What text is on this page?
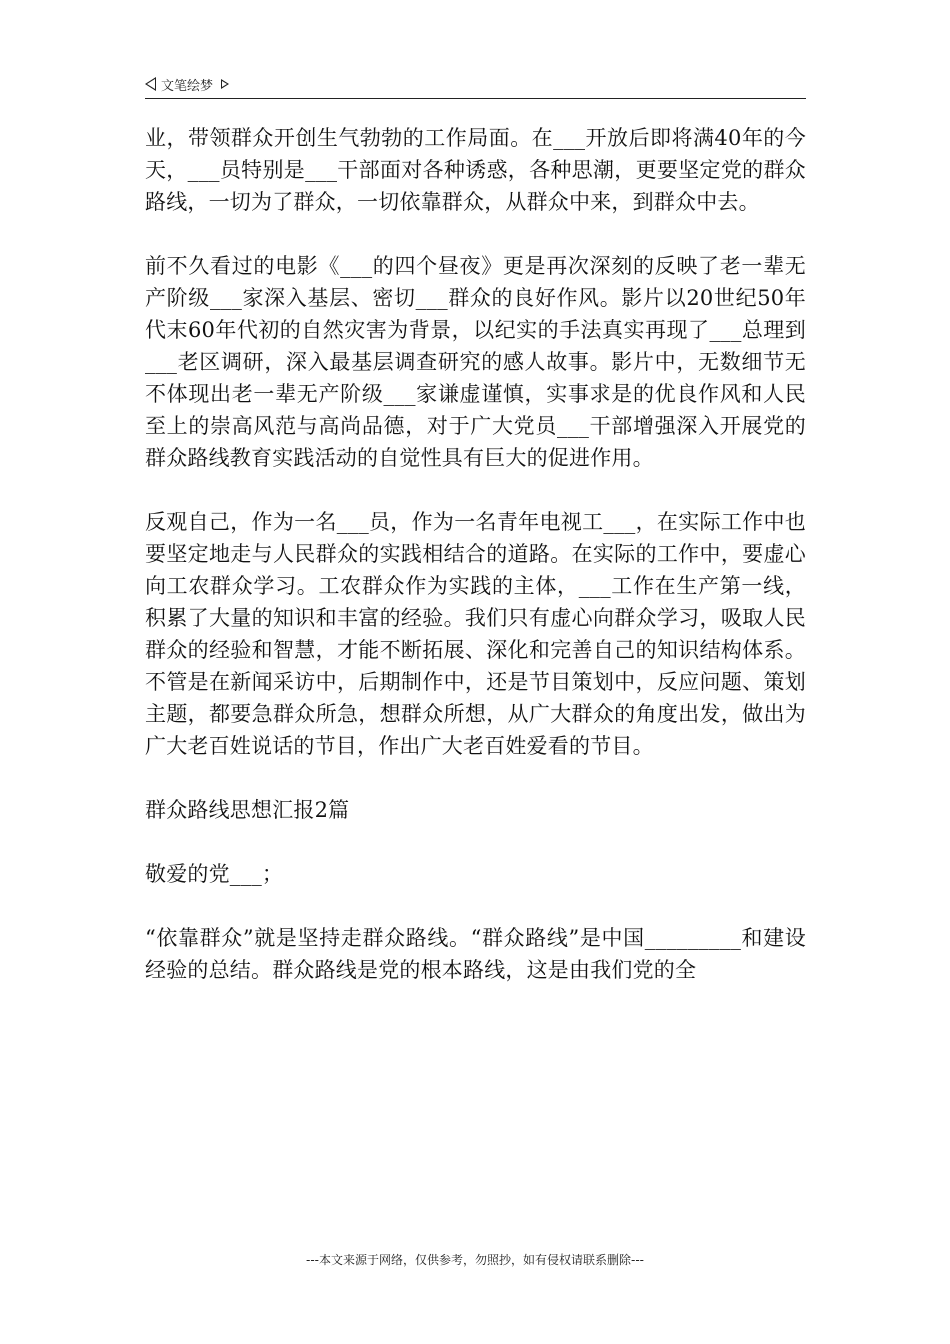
文笔绘梦

业，带领群众开创生气勃勃的工作局面。在___开放后即将满40年的今天，___员特别是___干部面对各种诱惑，各种思潮，更要坚定党的群众路线，一切为了群众，一切依靠群众，从群众中来，到群众中去。

前不久看过的电影《___的四个昼夜》更是再次深刻的反映了老一辈无产阶级___家深入基层、密切___群众的良好作风。影片以20世纪50年代末60年代初的自然灾害为背景，以纪实的手法真实再现了___总理到___老区调研，深入最基层调查研究的感人故事。影片中，无数细节无不体现出老一辈无产阶级___家谦虚谨慎，实事求是的优良作风和人民至上的崇高风范与高尚品德，对于广大党员___干部增强深入开展党的群众路线教育实践活动的自觉性具有巨大的促进作用。

反观自己，作为一名___员，作为一名青年电视工___，在实际工作中也要坚定地走与人民群众的实践相结合的道路。在实际的工作中，要虚心向工农群众学习。工农群众作为实践的主体，___工作在生产第一线，积累了大量的知识和丰富的经验。我们只有虚心向群众学习，吸取人民群众的经验和智慧，才能不断拓展、深化和完善自己的知识结构体系。不管是在新闻采访中，后期制作中，还是节目策划中，反应问题、策划主题，都要急群众所急，想群众所想，从广大群众的角度出发，做出为广大老百姓说话的节目，作出广大老百姓爱看的节目。

群众路线思想汇报2篇

敬爱的党___；

“依靠群众”就是坚持走群众路线。“群众路线”是中国_________和建设经验的总结。群众路线是党的根本路线，这是由我们党的全

---本文来源于网络，仅供参考，勿照抄，如有侵权请联系删除---
